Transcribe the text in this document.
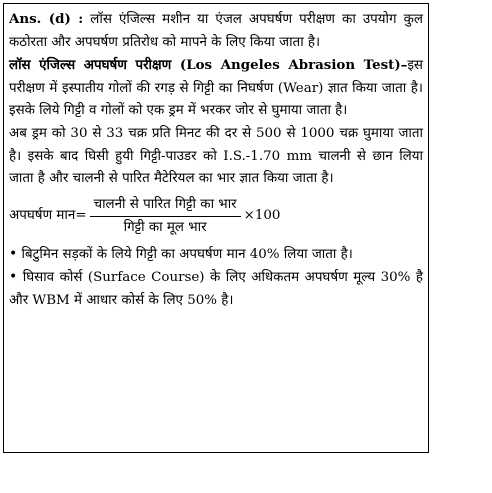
Ans. (d) : लॉस एंजिल्स मशीन या एंजल अपघर्षण परीक्षण का उपयोग कुल कठोरता और अपघर्षण प्रतिरोध को मापने के लिए किया जाता है।

लॉस एंजिल्स अपघर्षण परीक्षण (Los Angeles Abrasion Test)–इस परीक्षण में इस्पातीय गोलों की रगड़ से गिट्टी का निघर्षण (Wear) ज्ञात किया जाता है। इसके लिये गिट्टी व गोलों को एक ड्रम में भरकर जोर से घुमाया जाता है।

अब ड्रम को 30 से 33 चक्र प्रति मिनट की दर से 500 से 1000 चक्र घुमाया जाता है। इसके बाद घिसी हुयी गिट्टी-पाउडर को I.S.-1.70 mm चालनी से छान लिया जाता है और चालनी से पारित मैटेरियल का भार ज्ञात किया जाता है।

अपघर्षण मान = $\frac{\text{चालनी से पारित गिट्टी का भार}}{\text{गिट्टी का मूल भार}} \times 100$

• बिटुमिन सड़कों के लिये गिट्टी का अपघर्षण मान 40% लिया जाता है।

• घिसाव कोर्स (Surface Course) के लिए अधिकतम अपघर्षण मूल्य 30% है और WBM में आधार कोर्स के लिए 50% है।
